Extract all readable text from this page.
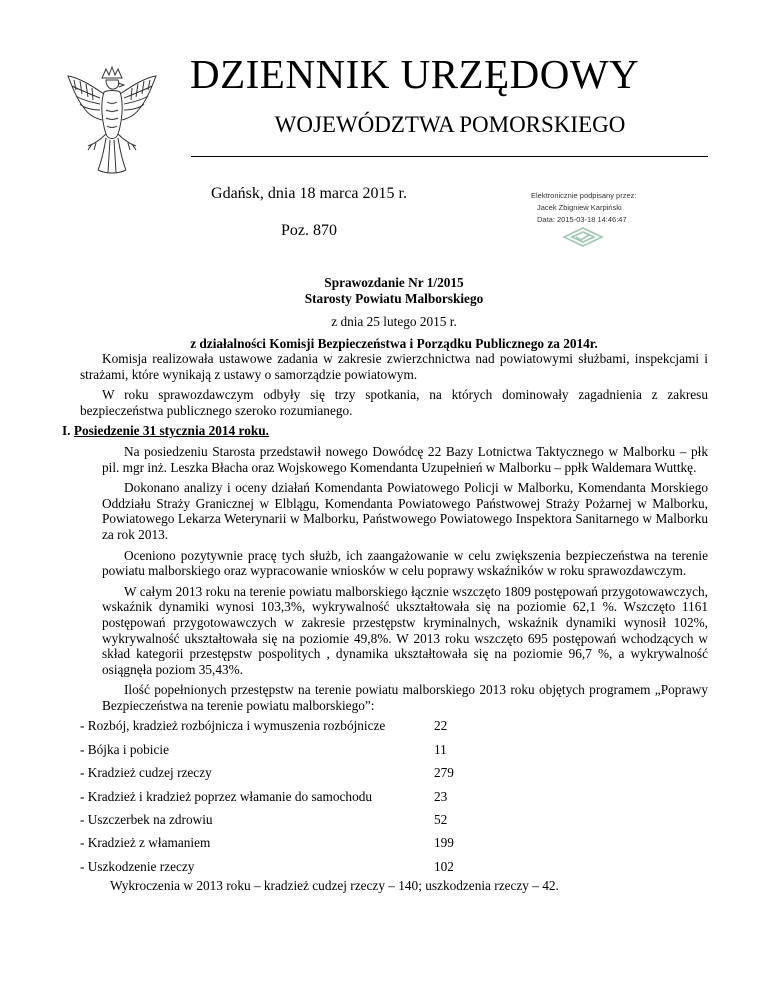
DZIENNIK URZĘDOWY
WOJEWÓDZTWA POMORSKIEGO
Gdańsk, dnia 18 marca 2015 r.
Poz. 870
Elektronicznie podpisany przez:
Jacek Zbigniew Karpiński
Data: 2015-03-18 14:46:47
Sprawozdanie Nr 1/2015
Starosty Powiatu Malborskiego
z dnia 25 lutego 2015 r.
z działalności Komisji Bezpieczeństwa i Porządku Publicznego za 2014r.

Komisja realizowała ustawowe zadania w zakresie zwierzchnictwa nad powiatowymi służbami, inspekcjami i strażami, które wynikają z ustawy o samorządzie powiatowym.

W roku sprawozdawczym odbyły się trzy spotkania, na których dominowały zagadnienia z zakresu bezpieczeństwa publicznego szeroko rozumianego.

I. Posiedzenie 31 stycznia 2014 roku.

Na posiedzeniu Starosta przedstawił nowego Dowódcę 22 Bazy Lotnictwa Taktycznego w Malborku – płk pil. mgr inż. Leszka Błacha oraz Wojskowego Komendanta Uzupełnień w Malborku – ppłk Waldemara Wuttkę.

Dokonano analizy i oceny działań Komendanta Powiatowego Policji w Malborku, Komendanta Morskiego Oddziału Straży Granicznej w Elblągu, Komendanta Powiatowego Państwowej Straży Pożarnej w Malborku, Powiatowego Lekarza Weterynarii w Malborku, Państwowego Powiatowego Inspektora Sanitarnego w Malborku za rok 2013.

Oceniono pozytywnie pracę tych służb, ich zaangażowanie w celu zwiększenia bezpieczeństwa na terenie powiatu malborskiego oraz wypracowanie wniosków w celu poprawy wskaźników w roku sprawozdawczym.

W całym 2013 roku na terenie powiatu malborskiego łącznie wszczęto 1809 postępowań przygotowawczych, wskaźnik dynamiki wynosi 103,3%, wykrywalność ukształtowała się na poziomie 62,1 %. Wszczęto 1161 postępowań przygotowawczych w zakresie przestępstw kryminalnych, wskaźnik dynamiki wynosił 102%, wykrywalność ukształtowała się na poziomie 49,8%. W 2013 roku wszczęto 695 postępowań wchodzących w skład kategorii przestępstw pospolitych , dynamika ukształtowała się na poziomie 96,7 %, a wykrywalność osiągnęła poziom 35,43%.

Ilość popełnionych przestępstw na terenie powiatu malborskiego 2013 roku objętych programem „Poprawy Bezpieczeństwa na terenie powiatu malborskiego”:

- Rozbój, kradzież rozbójnicza i wymuszenia rozbójnicze	22
- Bójka i pobicie	11
- Kradzież cudzej rzeczy	279
- Kradzież i kradzież poprzez włamanie do samochodu	23
- Uszczerbek na zdrowiu	52
- Kradzież z włamaniem	199
- Uszkodzenie rzeczy	102

Wykroczenia w 2013 roku – kradzież cudzej rzeczy – 140; uszkodzenia rzeczy – 42.
